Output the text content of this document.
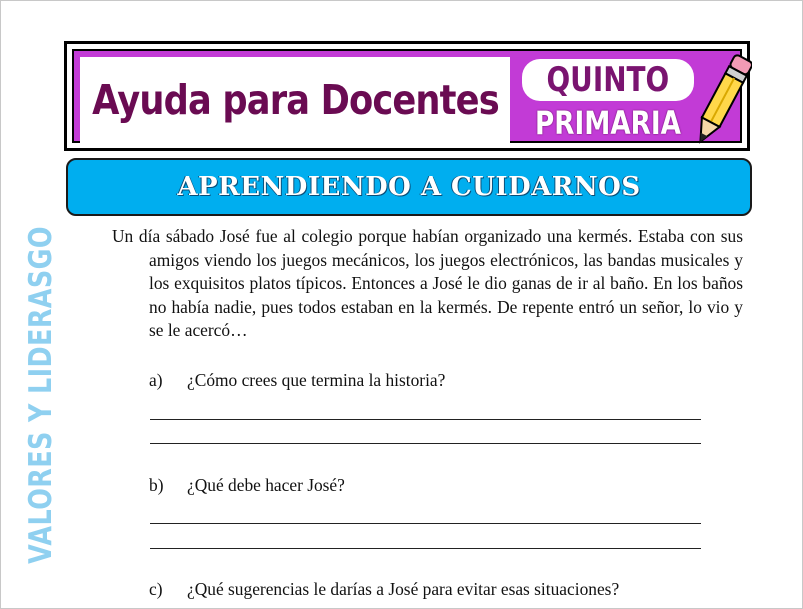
Ayuda para Docentes QUINTO
PRIMARIA
APRENDIENDO A CUIDARNOS
VALORES Y LIDERASGO	Un día sábado José fue al colegio porque habían organizado una kermés. Estaba con sus amigos viendo los juegos mecánicos, los juegos electrónicos, las bandas musicales y los exquisitos platos típicos. Entonces a José le dio ganas de ir al baño. En los baños no había nadie, pues todos estaban en la kermés. De repente entró un señor, lo vio y se le acercó…
a)	¿Cómo crees que termina la historia?
b)	¿Qué debe hacer José?
c)	¿Qué sugerencias le darías a José para evitar esas situaciones?
